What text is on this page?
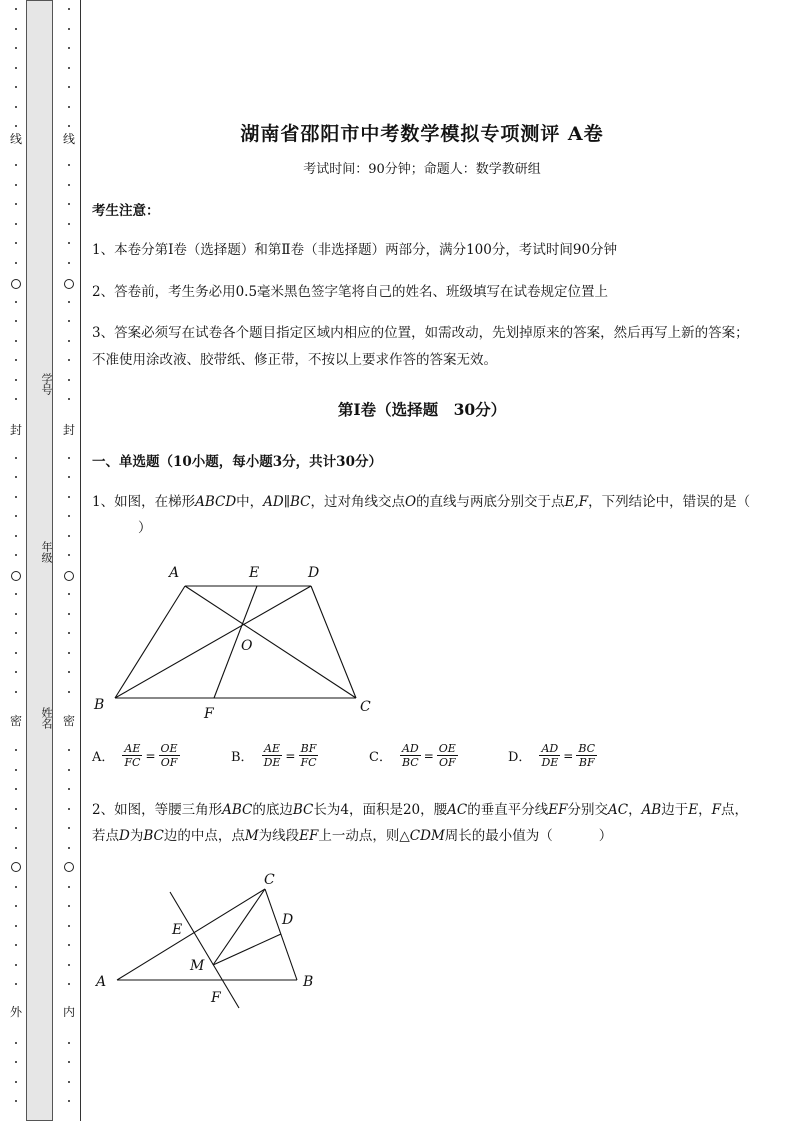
学号
年级
姓名
线
封
密
外
线
封
密
内
湖南省邵阳市中考数学模拟专项测评 A卷
考试时间：90分钟；命题人：数学教研组
考生注意：
1、本卷分第I卷（选择题）和第Ⅱ卷（非选择题）两部分，满分100分，考试时间90分钟
2、答卷前，考生务必用0.5毫米黑色签字笔将自己的姓名、班级填写在试卷规定位置上
3、答案必须写在试卷各个题目指定区域内相应的位置，如需改动，先划掉原来的答案，然后再写上新的答案；不准使用涂改液、胶带纸、修正带，不按以上要求作答的答案无效。
第I卷（选择题　30分）
一、单选题（10小题，每小题3分，共计30分）
1、如图，在梯形ABCD中，AD∥BC，过对角线交点O的直线与两底分别交于点E,F，下列结论中，错误的是（）
A	E	D
O
B
F	C
A． $\frac{AE}{FC} = \frac{OE}{OF}$	B． $\frac{AE}{DE} = \frac{BF}{FC}$	C． $\frac{AD}{BC} = \frac{OE}{OF}$	D． $\frac{AD}{DE} = \frac{BC}{BF}$
2、如图，等腰三角形ABC的底边BC长为4，面积是20，腰AC的垂直平分线EF分别交AC，AB边于E，F点，若点D为BC边的中点，点M为线段EF上一动点，则△CDM周长的最小值为（	）
C
E
D
M
A
F
B
